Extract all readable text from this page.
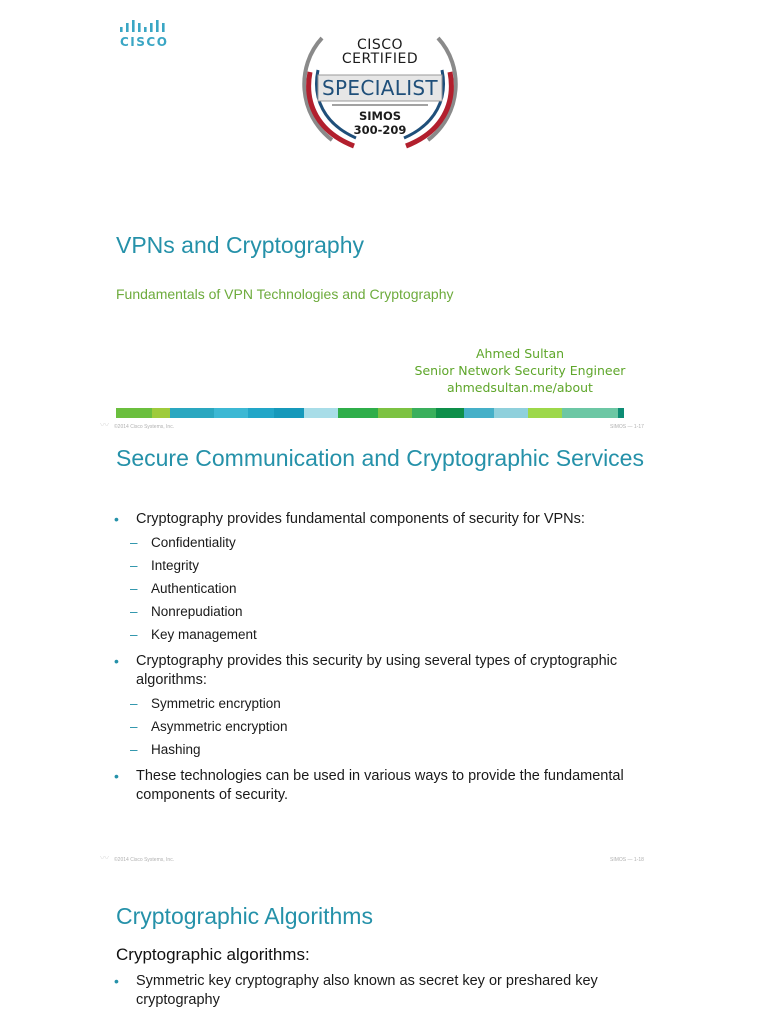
CISCO	CISCO
CERTIFIED
SPECIALIST
SIMOS
300-209
VPNs and Cryptography
Fundamentals of VPN Technologies and Cryptography
Ahmed Sultan
Senior Network Security Engineer
ahmedsultan.me/about
〰 ©2014 Cisco Systems, Inc.	SIMOS — 1-17
Secure Communication and Cryptographic Services
• Cryptography provides fundamental components of security for VPNs:
– Confidentiality
– Integrity
– Authentication
– Nonrepudiation
– Key management
• Cryptography provides this security by using several types of cryptographic algorithms:
– Symmetric encryption
– Asymmetric encryption
– Hashing
• These technologies can be used in various ways to provide the fundamental components of security.
〰 ©2014 Cisco Systems, Inc.	SIMOS — 1-18
Cryptographic Algorithms
Cryptographic algorithms:
• Symmetric key cryptography also known as secret key or preshared key cryptography
